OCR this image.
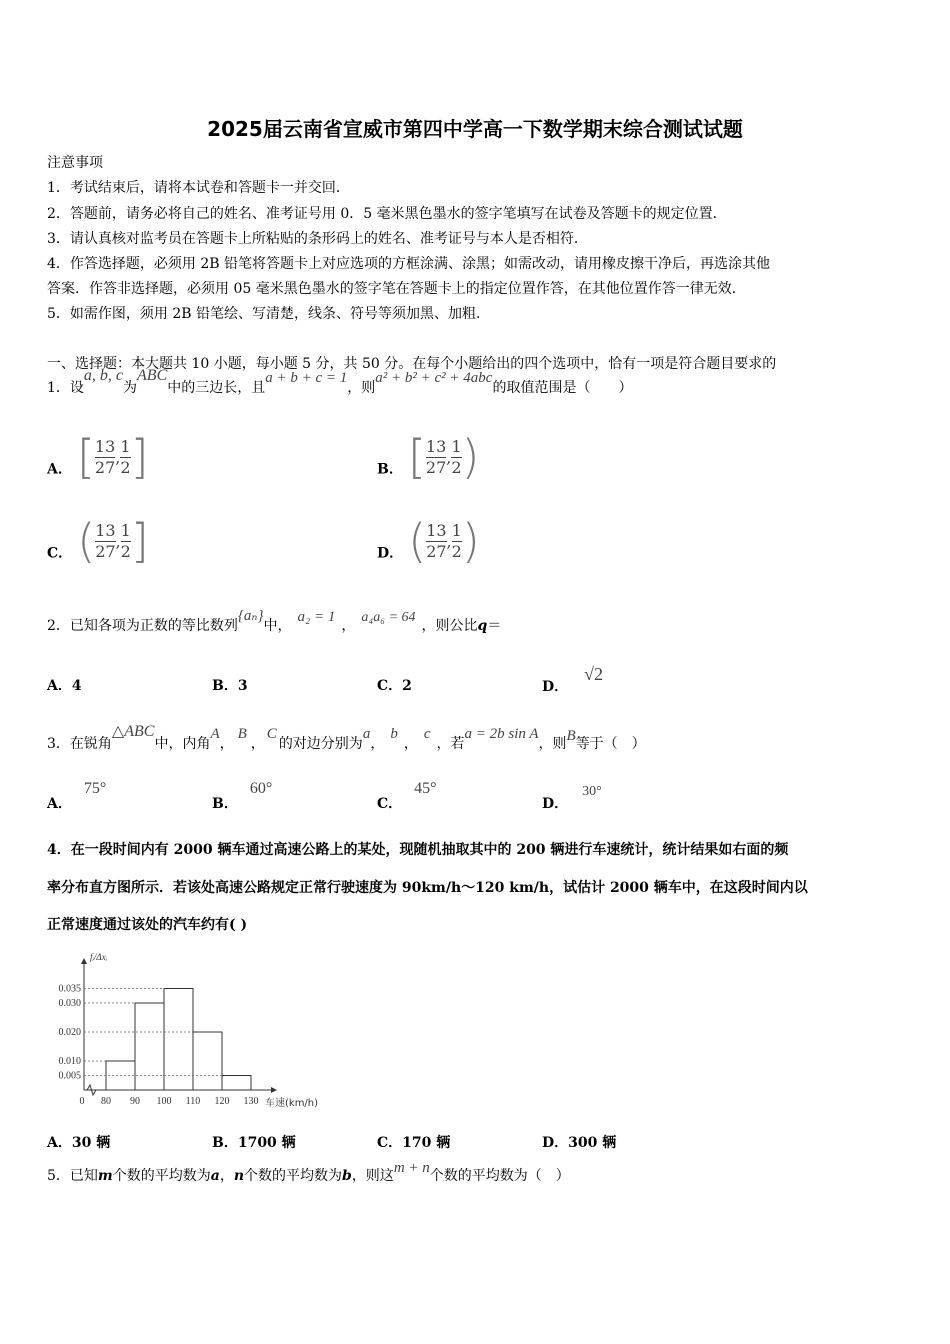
2025届云南省宣威市第四中学高一下数学期末综合测试试题
注意事项
1．考试结束后，请将本试卷和答题卡一并交回．
2．答题前，请务必将自己的姓名、准考证号用 0．5 毫米黑色墨水的签字笔填写在试卷及答题卡的规定位置．
3．请认真核对监考员在答题卡上所粘贴的条形码上的姓名、准考证号与本人是否相符．
4．作答选择题，必须用 2B 铅笔将答题卡上对应选项的方框涂满、涂黑；如需改动，请用橡皮擦干净后，再选涂其他
答案．作答非选择题，必须用 05 毫米黑色墨水的签字笔在答题卡上的指定位置作答，在其他位置作答一律无效．
5．如需作图，须用 2B 铅笔绘、写清楚，线条、符号等须加黑、加粗．
一、选择题：本大题共 10 小题，每小题 5 分，共 50 分。在每个小题给出的四个选项中，恰有一项是符合题目要求的
1．设a, b, c为ABC中的三边长，且a + b + c = 1，则a² + b² + c² + 4abc的取值范围是（　　）
A． [ $\frac{13}{27}$ , $\frac{1}{2}$ ]	B． [ $\frac{13}{27}$ , $\frac{1}{2}$ )
C． ( $\frac{13}{27}$ , $\frac{1}{2}$ ]	D． ( $\frac{13}{27}$ , $\frac{1}{2}$ )
2．已知各项为正数的等比数列{aₙ}中，a₂ = 1，a₄a₆ = 64，则公比q＝
A．4	B．3	C．2	D．√2
3．在锐角△ABC中，内角A，B，C的对边分别为a，b，c，若a = 2b sin A，则B等于（　）
A．75°
B．60°
C．45°
D．30°
4．在一段时间内有 2000 辆车通过高速公路上的某处，现随机抽取其中的 200 辆进行车速统计，统计结果如右面的频
率分布直方图所示．若该处高速公路规定正常行驶速度为 90km/h～120 km/h，试估计 2000 辆车中，在这段时间内以
正常速度通过该处的汽车约有( )
fᵢ/Δxᵢ
0.005
0.010
0.020
0.030
0.035
0 80 90 100 110 120 130 车速(km/h)
A．30 辆	B．1700 辆	C．170 辆	D．300 辆
5．已知m个数的平均数为a，n个数的平均数为b，则这m + n个数的平均数为（　）
